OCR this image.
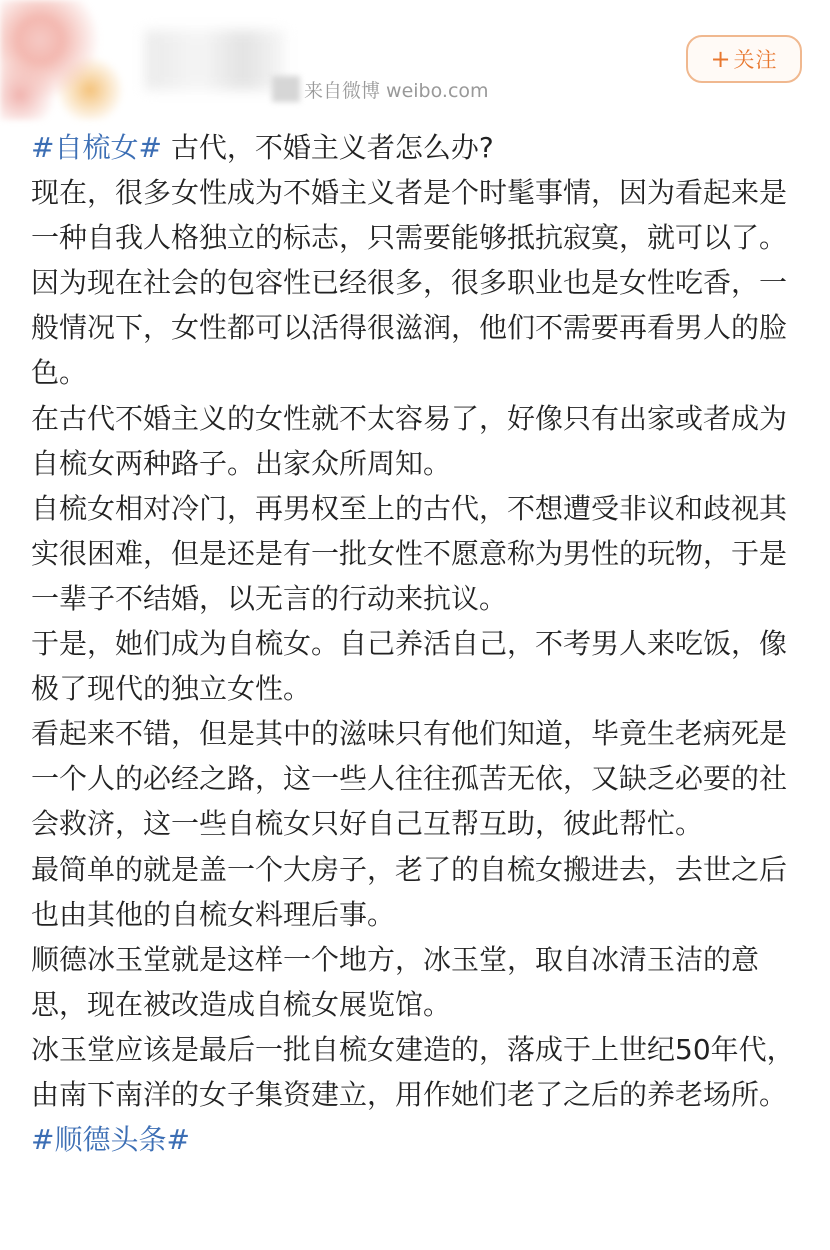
来自微博 weibo.com
+ 关注

#自梳女# 古代，不婚主义者怎么办?

现在，很多女性成为不婚主义者是个时髦事情，因为看起来是一种自我人格独立的标志，只需要能够抵抗寂寞，就可以了。

因为现在社会的包容性已经很多，很多职业也是女性吃香，一般情况下，女性都可以活得很滋润，他们不需要再看男人的脸色。

在古代不婚主义的女性就不太容易了，好像只有出家或者成为自梳女两种路子。出家众所周知。

自梳女相对冷门，再男权至上的古代，不想遭受非议和歧视其实很困难，但是还是有一批女性不愿意称为男性的玩物，于是一辈子不结婚，以无言的行动来抗议。

于是，她们成为自梳女。自己养活自己，不考男人来吃饭，像极了现代的独立女性。

看起来不错，但是其中的滋味只有他们知道，毕竟生老病死是一个人的必经之路，这一些人往往孤苦无依，又缺乏必要的社会救济，这一些自梳女只好自己互帮互助，彼此帮忙。

最简单的就是盖一个大房子，老了的自梳女搬进去，去世之后也由其他的自梳女料理后事。

顺德冰玉堂就是这样一个地方，冰玉堂，取自冰清玉洁的意思，现在被改造成自梳女展览馆。

冰玉堂应该是最后一批自梳女建造的，落成于上世纪50年代，由南下南洋的女子集资建立，用作她们老了之后的养老场所。#顺德头条#
